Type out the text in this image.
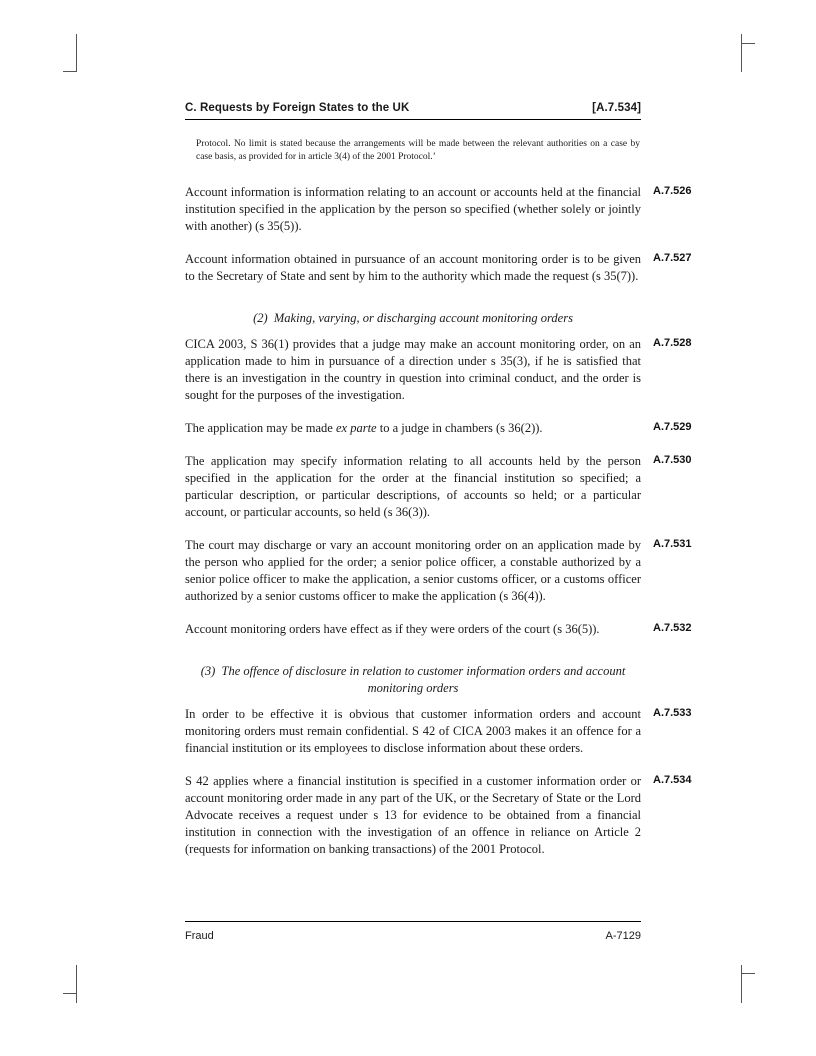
C. Requests by Foreign States to the UK	[A.7.534]

Protocol. No limit is stated because the arrangements will be made between the relevant authorities on a case by case basis, as provided for in article 3(4) of the 2001 Protocol.’

Account information is information relating to an account or accounts held at the financial institution specified in the application by the person so specified (whether solely or jointly with another) (s 35(5)).

A.7.526

Account information obtained in pursuance of an account monitoring order is to be given to the Secretary of State and sent by him to the authority which made the request (s 35(7)).

A.7.527
(2)  Making, varying, or discharging account monitoring orders

CICA 2003, S 36(1) provides that a judge may make an account monitoring order, on an application made to him in pursuance of a direction under s 35(3), if he is satisfied that there is an investigation in the country in question into criminal conduct, and the order is sought for the purposes of the investigation.

A.7.528

The application may be made ex parte to a judge in chambers (s 36(2)).	A.7.529

The application may specify information relating to all accounts held by the person specified in the application for the order at the financial institution so specified; a particular description, or particular descriptions, of accounts so held; or a particular account, or particular accounts, so held (s 36(3)).

A.7.530

The court may discharge or vary an account monitoring order on an application made by the person who applied for the order; a senior police officer, a constable authorized by a senior police officer to make the application, a senior customs officer, or a customs officer authorized by a senior customs officer to make the application (s 36(4)).

A.7.531

Account monitoring orders have effect as if they were orders of the court (s 36(5)).	A.7.532
(3)  The offence of disclosure in relation to customer information orders and account monitoring orders

In order to be effective it is obvious that customer information orders and account monitoring orders must remain confidential. S 42 of CICA 2003 makes it an offence for a financial institution or its employees to disclose information about these orders.

A.7.533

S 42 applies where a financial institution is specified in a customer information order or account monitoring order made in any part of the UK, or the Secretary of State or the Lord Advocate receives a request under s 13 for evidence to be obtained from a financial institution in connection with the investigation of an offence in reliance on Article 2 (requests for information on banking transactions) of the 2001 Protocol.

A.7.534
Fraud	A-7129
